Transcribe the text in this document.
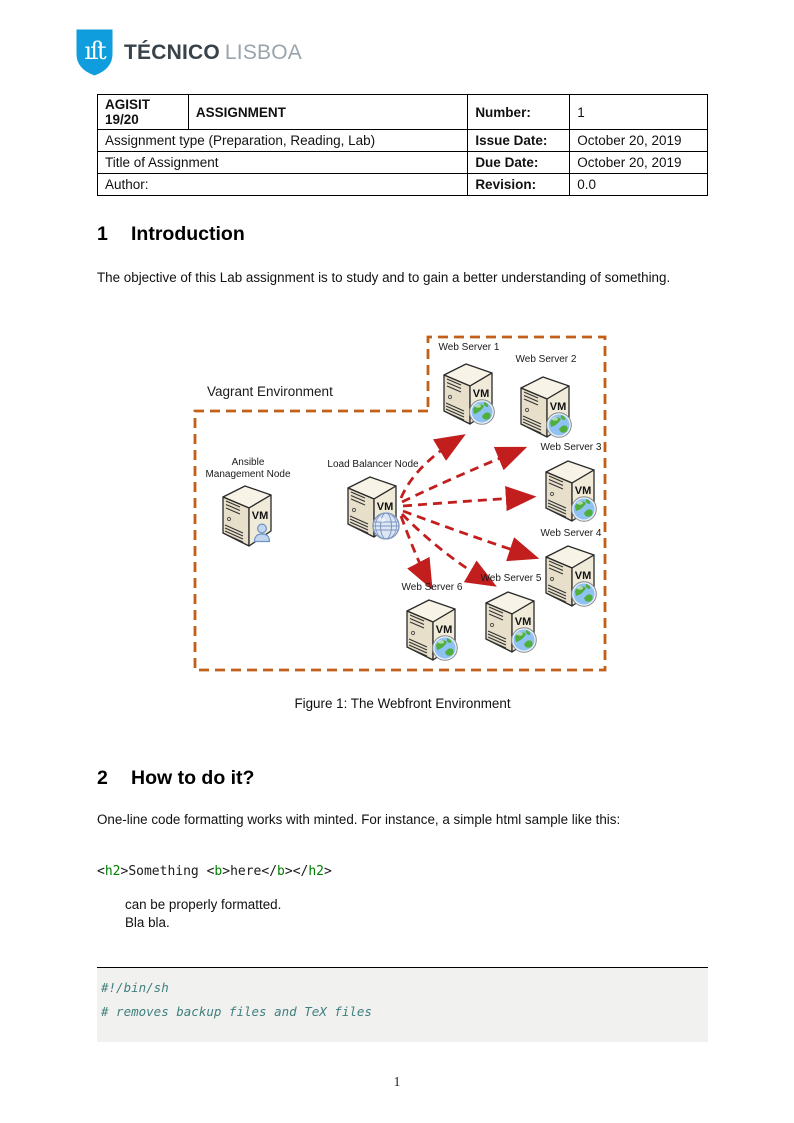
ıſt TÉCNICO LISBOA
AGISIT 19/20	ASSIGNMENT	Number:	1
Assignment type (Preparation, Reading, Lab)		Issue Date:	October 20, 2019
Title of Assignment		Due Date:	October 20, 2019
Author:		Revision:	0.0
1 Introduction
The objective of this Lab assignment is to study and to gain a better understanding of something.
VM
Vagrant Environment
Web Server 1
Web Server 2
Web Server 3
Web Server 4
Web Server 5
Web Server 6
Load Balancer Node
Ansible
Management Node
Figure 1: The Webfront Environment
2 How to do it?
One-line code formatting works with minted. For instance, a simple html sample like this:
<h2>Something <b>here</b></h2>
can be properly formatted.
Bla bla.
#!/bin/sh
# removes backup files and TeX files
1
